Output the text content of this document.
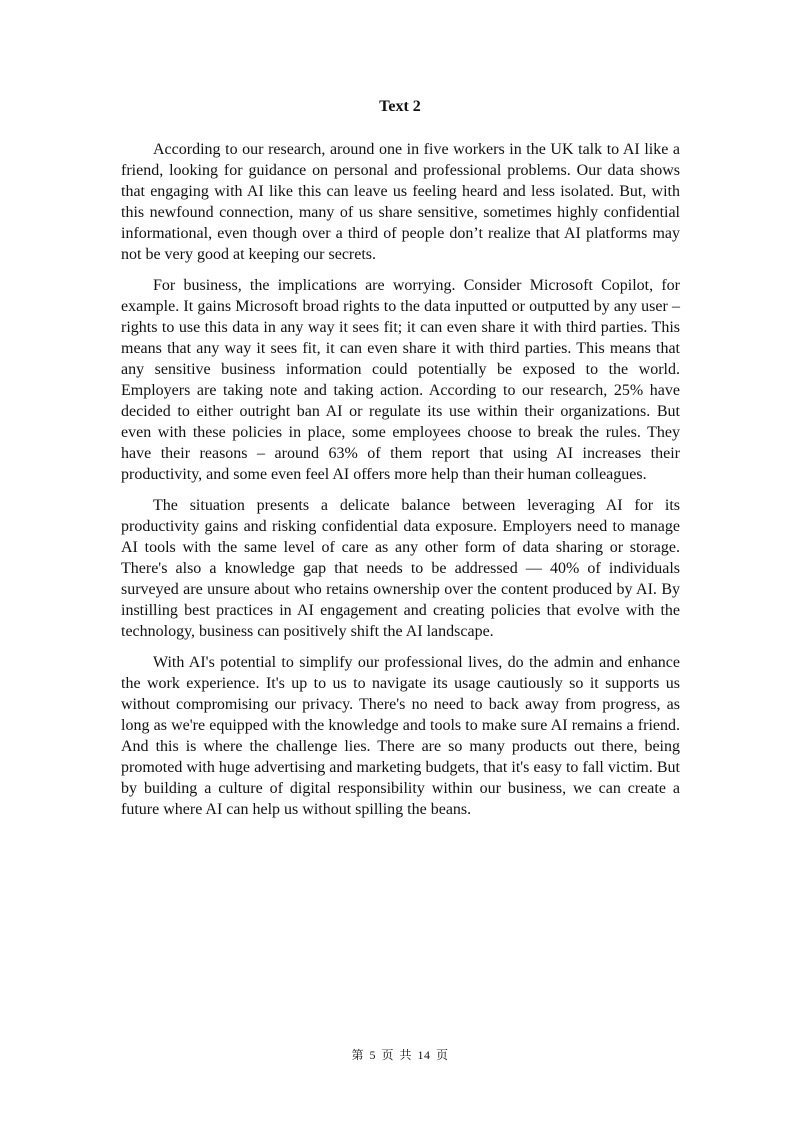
Text 2

According to our research, around one in five workers in the UK talk to AI like a friend, looking for guidance on personal and professional problems. Our data shows that engaging with AI like this can leave us feeling heard and less isolated. But, with this newfound connection, many of us share sensitive, sometimes highly confidential informational, even though over a third of people don’t realize that AI platforms may not be very good at keeping our secrets.

For business, the implications are worrying. Consider Microsoft Copilot, for example. It gains Microsoft broad rights to the data inputted or outputted by any user – rights to use this data in any way it sees fit; it can even share it with third parties. This means that any way it sees fit, it can even share it with third parties. This means that any sensitive business information could potentially be exposed to the world. Employers are taking note and taking action. According to our research, 25% have decided to either outright ban AI or regulate its use within their organizations. But even with these policies in place, some employees choose to break the rules. They have their reasons – around 63% of them report that using AI increases their productivity, and some even feel AI offers more help than their human colleagues.

The situation presents a delicate balance between leveraging AI for its productivity gains and risking confidential data exposure. Employers need to manage AI tools with the same level of care as any other form of data sharing or storage. There's also a knowledge gap that needs to be addressed — 40% of individuals surveyed are unsure about who retains ownership over the content produced by AI. By instilling best practices in AI engagement and creating policies that evolve with the technology, business can positively shift the AI landscape.

With AI's potential to simplify our professional lives, do the admin and enhance the work experience. It's up to us to navigate its usage cautiously so it supports us without compromising our privacy. There's no need to back away from progress, as long as we're equipped with the knowledge and tools to make sure AI remains a friend. And this is where the challenge lies. There are so many products out there, being promoted with huge advertising and marketing budgets, that it's easy to fall victim. But by building a culture of digital responsibility within our business, we can create a future where AI can help us without spilling the beans.

第 5 页 共 14 页
